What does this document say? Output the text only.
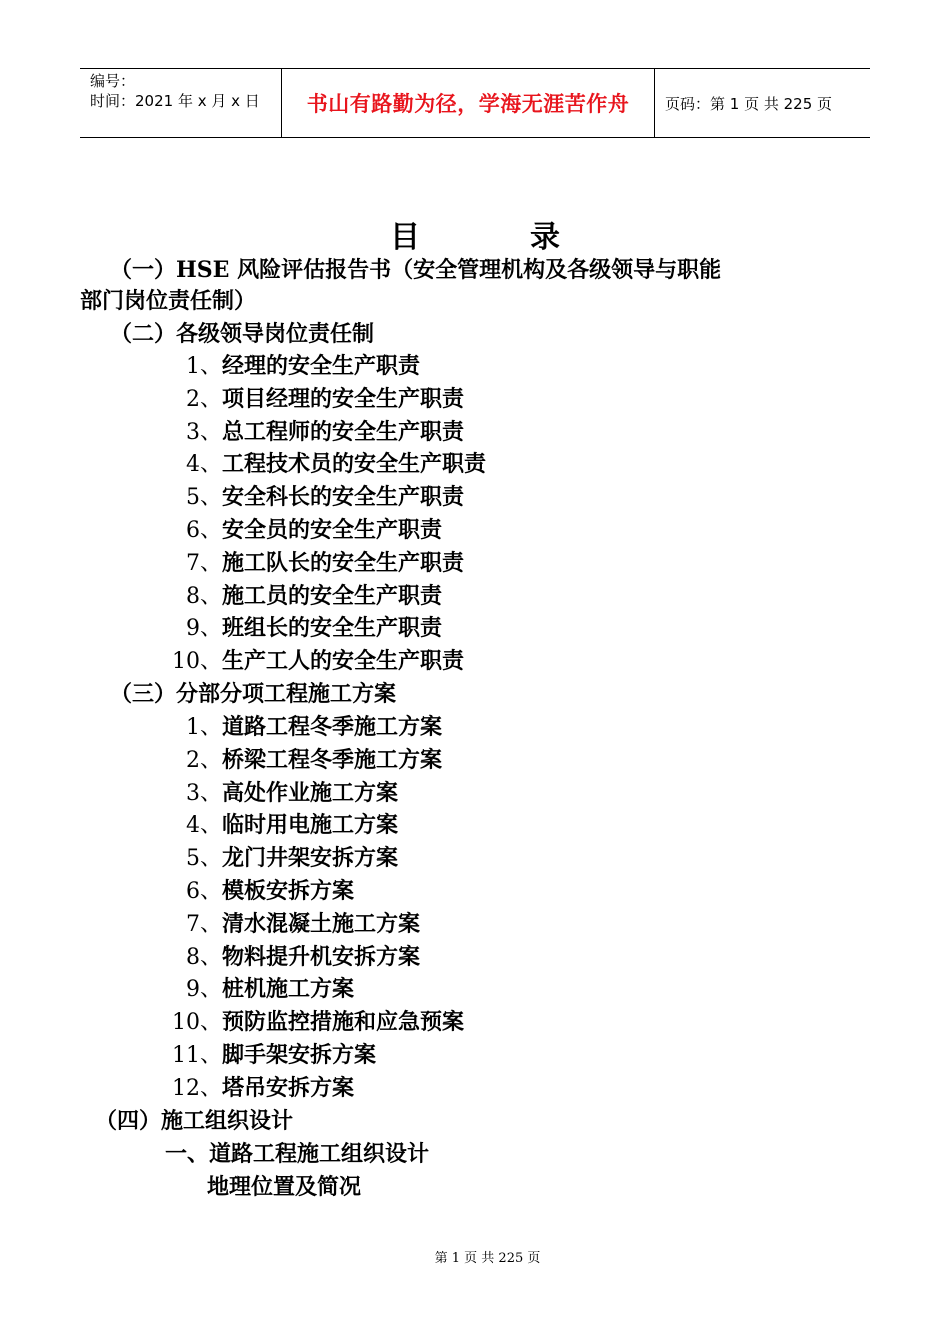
编号：
时间：2021 年 x 月 x 日	书山有路勤为径，学海无涯苦作舟	页码：第 1 页 共 225 页
目	录
（一）HSE 风险评估报告书（安全管理机构及各级领导与职能
部门岗位责任制）
（二）各级领导岗位责任制
1、经理的安全生产职责
2、项目经理的安全生产职责
3、总工程师的安全生产职责
4、工程技术员的安全生产职责
5、安全科长的安全生产职责
6、安全员的安全生产职责
7、施工队长的安全生产职责
8、施工员的安全生产职责
9、班组长的安全生产职责
10、生产工人的安全生产职责
（三）分部分项工程施工方案
1、道路工程冬季施工方案
2、桥梁工程冬季施工方案
3、高处作业施工方案
4、临时用电施工方案
5、龙门井架安拆方案
6、模板安拆方案
7、清水混凝土施工方案
8、物料提升机安拆方案
9、桩机施工方案
10、预防监控措施和应急预案
11、脚手架安拆方案
12、塔吊安拆方案
（四）施工组织设计
一、道路工程施工组织设计
地理位置及简况
第 1 页 共 225 页
